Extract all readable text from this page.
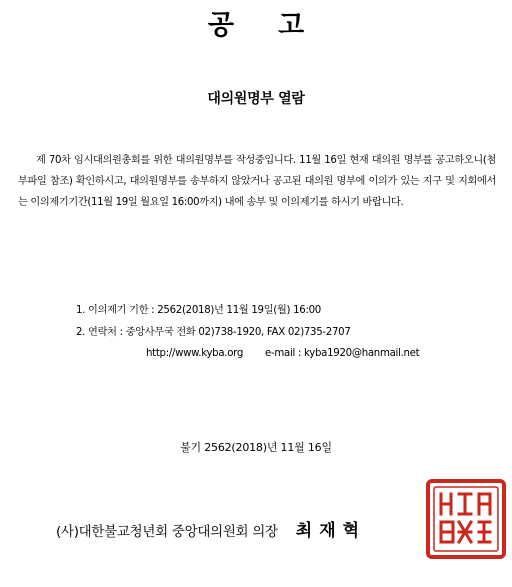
공고
대의원명부 열람

제 70차 임시대의원총회를 위한 대의원명부를 작성중입니다. 11월 16일 현재 대의원 명부를 공고하오니(첨부파일 참조) 확인하시고, 대의원명부를 송부하지 않았거나 공고된 대의원 명부에 이의가 있는 지구 및 지회에서는 이의제기기간(11월 19일 월요일 16:00까지) 내에 송부 및 이의제기를 하시기 바랍니다.

1. 이의제기 기한 : 2562(2018)년 11월 19일(월) 16:00
2. 연락처 : 중앙사무국 전화 02)738-1920, FAX 02)735-2707
http://www.kyba.org e-mail : kyba1920@hanmail.net
불기 2562(2018)년 11월 16일
(사)대한불교청년회 중앙대의원회 의장 최재혁
